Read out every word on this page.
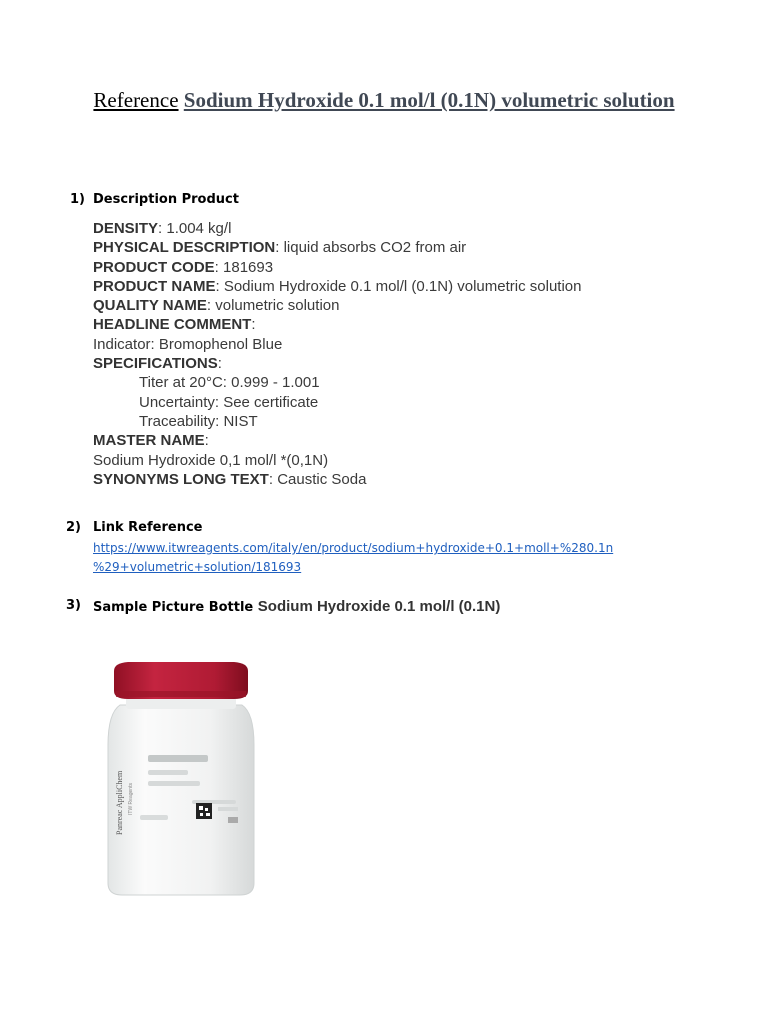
Reference Sodium Hydroxide 0.1 mol/l (0.1N) volumetric solution
1) Description Product
DENSITY: 1.004 kg/l
PHYSICAL DESCRIPTION: liquid absorbs CO2 from air
PRODUCT CODE: 181693
PRODUCT NAME: Sodium Hydroxide 0.1 mol/l (0.1N) volumetric solution
QUALITY NAME: volumetric solution
HEADLINE COMMENT:
Indicator: Bromophenol Blue
SPECIFICATIONS:
Titer at 20°C: 0.999 - 1.001
Uncertainty: See certificate
Traceability: NIST
MASTER NAME:
Sodium Hydroxide 0,1 mol/l *(0,1N)
SYNONYMS LONG TEXT: Caustic Soda
2) Link Reference
https://www.itwreagents.com/italy/en/product/sodium+hydroxide+0.1+moll+%280.1n
%29+volumetric+solution/181693
3) Sample Picture Bottle Sodium Hydroxide 0.1 mol/l (0.1N)
Panreac AppliChem ITW Reagents
